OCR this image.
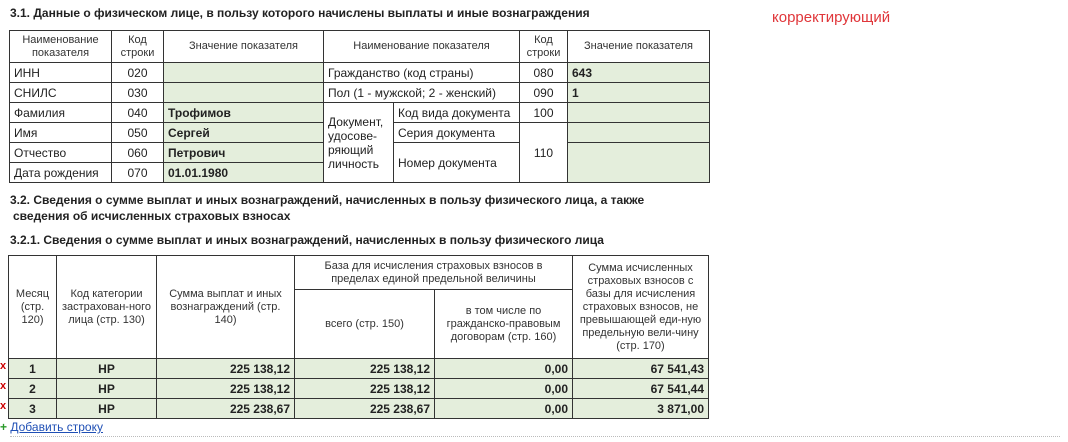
3.1. Данные о физическом лице, в пользу которого начислены выплаты и иные вознаграждения	корректирующий
Наименование показателя	Код строки	Значение показателя	Наименование показателя		Код строки	Значение показателя
ИНН	020		Гражданство (код страны)		080	643
СНИЛС	030		Пол (1 - мужской; 2 - женский)		090	1
Фамилия	040	Трофимов	Документ, удосове-ряющий личность	Код вида документа	100	
Имя	050	Сергей		Серия документа	110	
Отчество	060	Петрович		Номер документа		
Дата рождения	070	01.01.1980				
3.2. Сведения о сумме выплат и иных вознаграждений, начисленных в пользу физического лица, а также
сведения об исчисленных страховых взносах
3.2.1. Сведения о сумме выплат и иных вознаграждений, начисленных в пользу физического лица
Месяц (стр. 120)	Код категории застрахован-ного лица (стр. 130)	Сумма выплат и иных вознаграждений (стр. 140)	База для исчисления страховых взносов в пределах единой предельной величины		Сумма исчисленных страховых взносов с базы для исчисления страховых взносов, не превышающей еди-ную предельную вели-чину (стр. 170)
			всего (стр. 150)	в том числе по гражданско-правовым договорам (стр. 160)	
1	НР	225 138,12	225 138,12	0,00	67 541,43
2	НР	225 138,12	225 138,12	0,00	67 541,44
3	НР	225 238,67	225 238,67	0,00	3 871,00
x
x
x
+ Добавить строку
